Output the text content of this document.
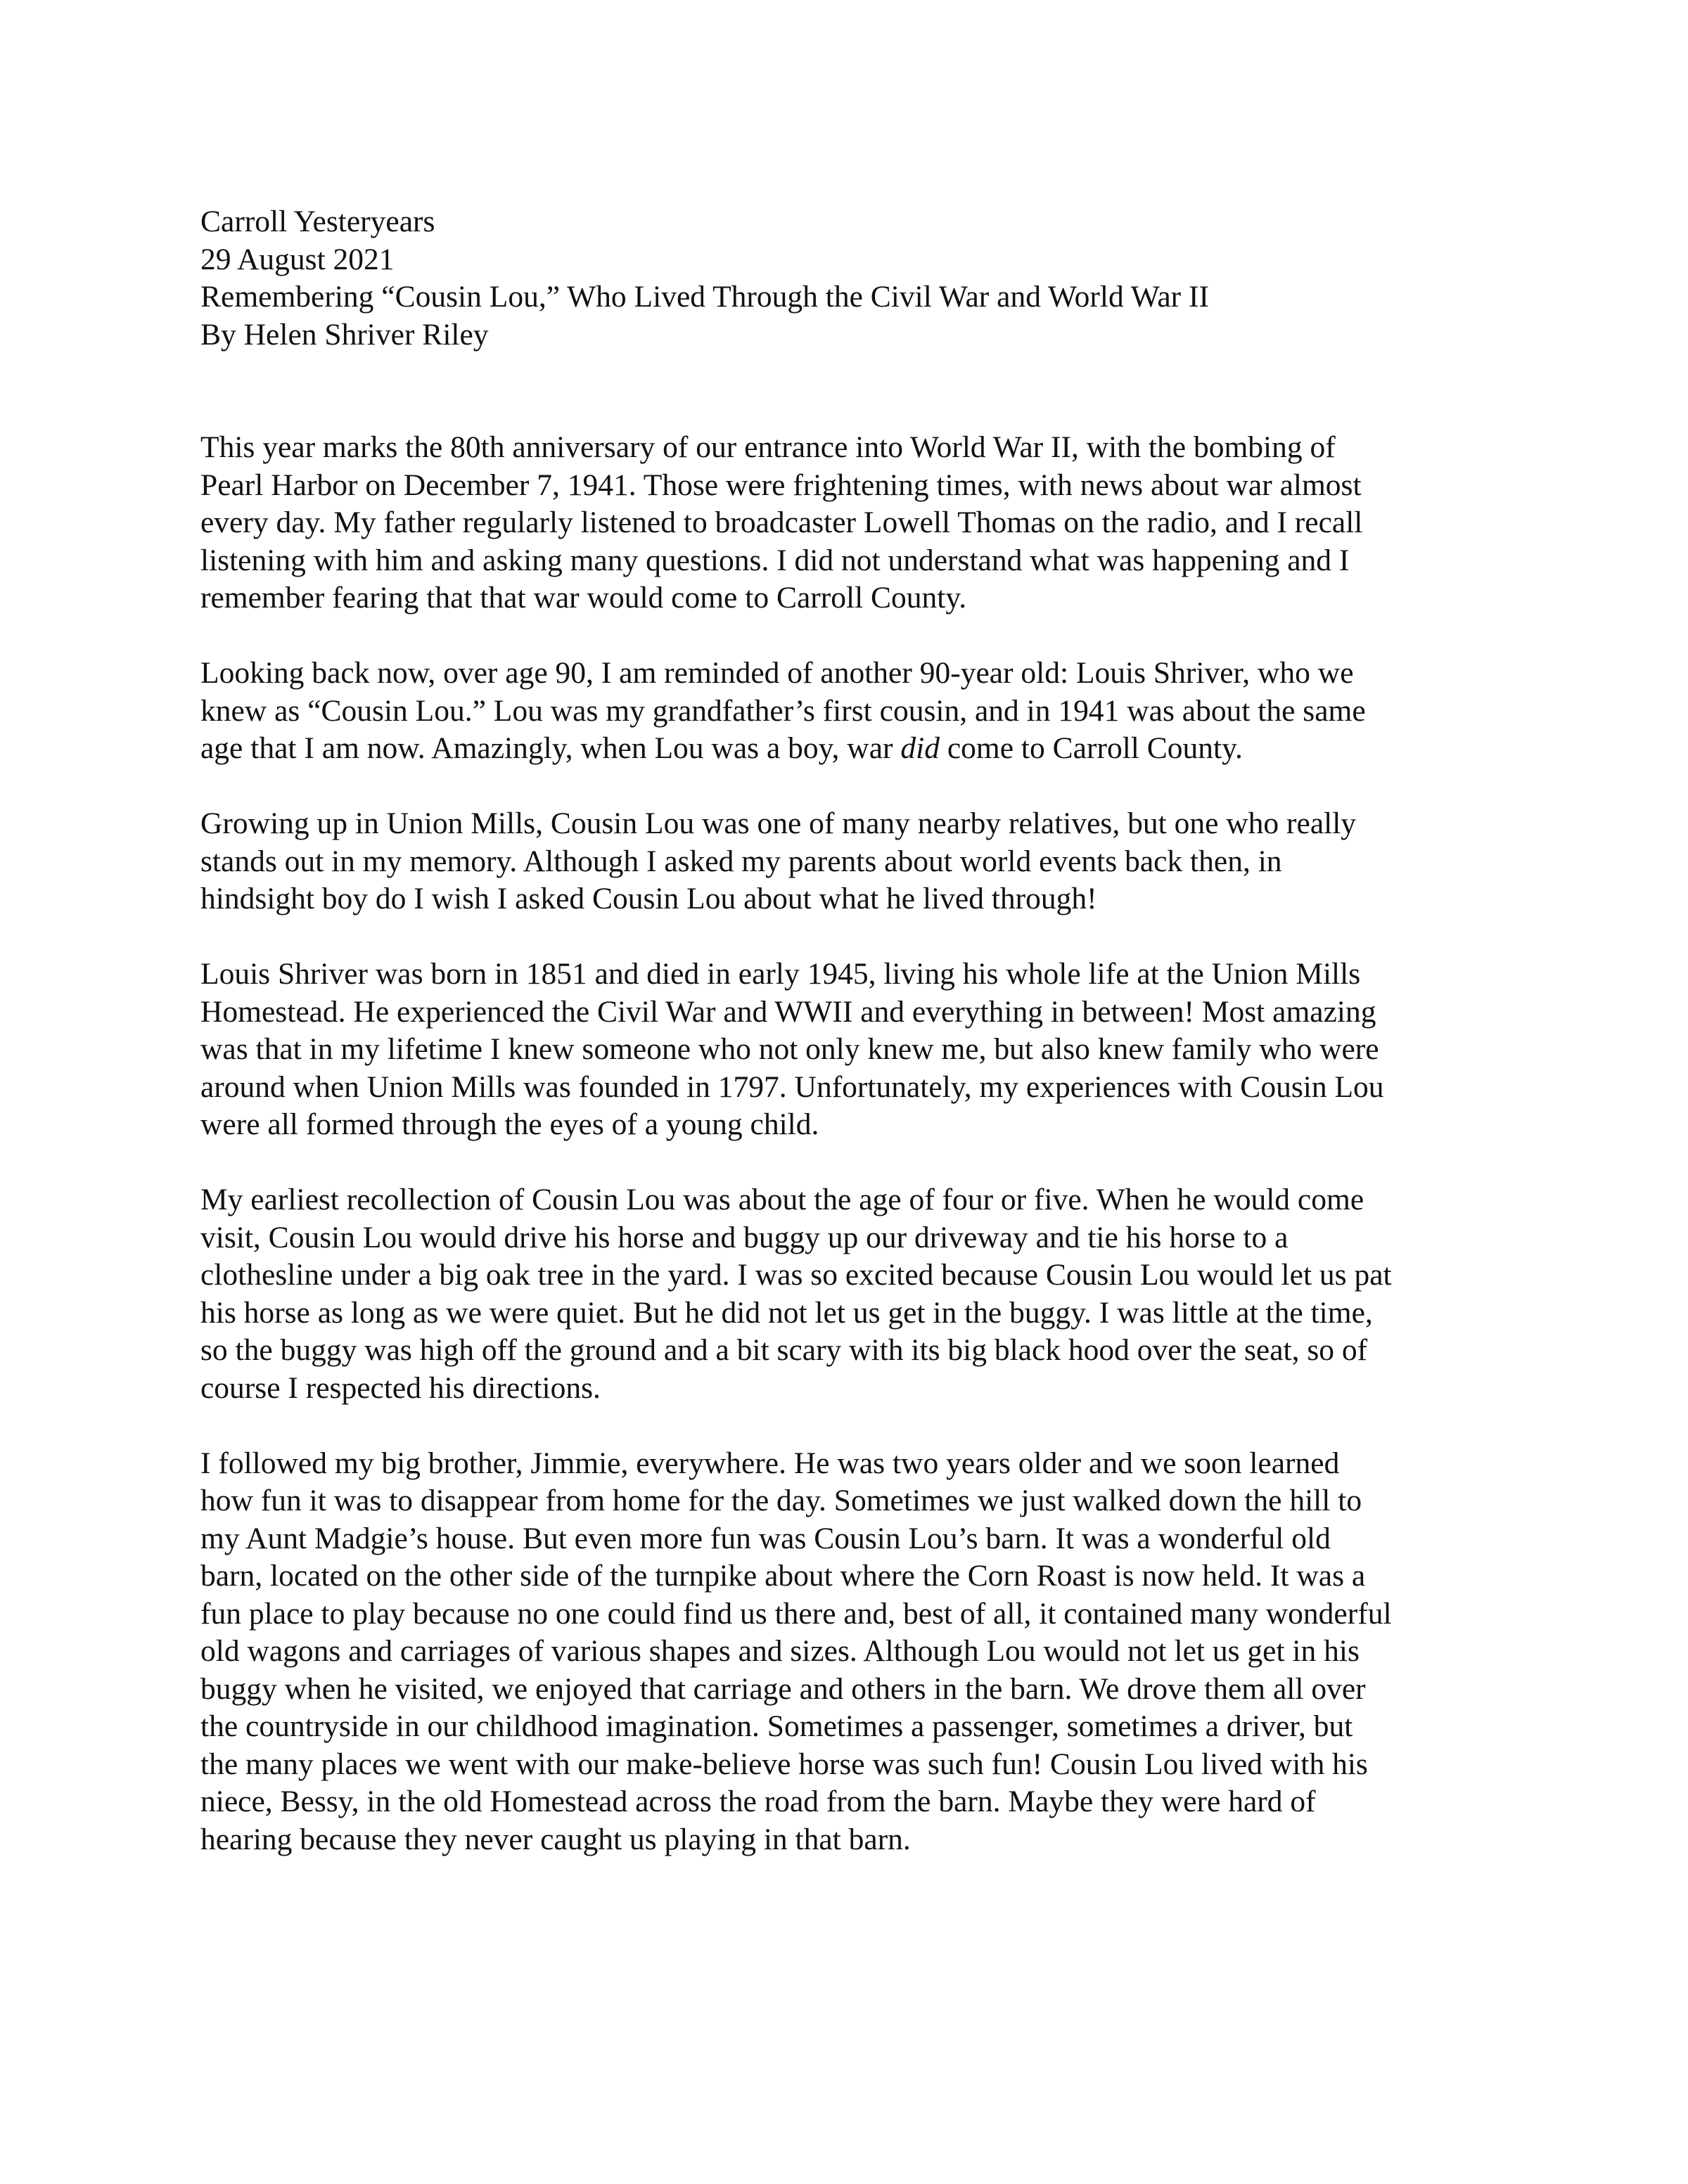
Carroll Yesteryears

29 August 2021

Remembering “Cousin Lou,” Who Lived Through the Civil War and World War II

By Helen Shriver Riley

This year marks the 80th anniversary of our entrance into World War II, with the bombing of
Pearl Harbor on December 7, 1941. Those were frightening times, with news about war almost
every day. My father regularly listened to broadcaster Lowell Thomas on the radio, and I recall
listening with him and asking many questions. I did not understand what was happening and I
remember fearing that that war would come to Carroll County.

Looking back now, over age 90, I am reminded of another 90-year old: Louis Shriver, who we
knew as “Cousin Lou.” Lou was my grandfather’s first cousin, and in 1941 was about the same
age that I am now. Amazingly, when Lou was a boy, war did come to Carroll County.

Growing up in Union Mills, Cousin Lou was one of many nearby relatives, but one who really
stands out in my memory. Although I asked my parents about world events back then, in
hindsight boy do I wish I asked Cousin Lou about what he lived through!

Louis Shriver was born in 1851 and died in early 1945, living his whole life at the Union Mills
Homestead. He experienced the Civil War and WWII and everything in between! Most amazing
was that in my lifetime I knew someone who not only knew me, but also knew family who were
around when Union Mills was founded in 1797. Unfortunately, my experiences with Cousin Lou
were all formed through the eyes of a young child.

My earliest recollection of Cousin Lou was about the age of four or five. When he would come
visit, Cousin Lou would drive his horse and buggy up our driveway and tie his horse to a
clothesline under a big oak tree in the yard. I was so excited because Cousin Lou would let us pat
his horse as long as we were quiet. But he did not let us get in the buggy. I was little at the time,
so the buggy was high off the ground and a bit scary with its big black hood over the seat, so of
course I respected his directions.

I followed my big brother, Jimmie, everywhere. He was two years older and we soon learned
how fun it was to disappear from home for the day. Sometimes we just walked down the hill to
my Aunt Madgie’s house. But even more fun was Cousin Lou’s barn. It was a wonderful old
barn, located on the other side of the turnpike about where the Corn Roast is now held. It was a
fun place to play because no one could find us there and, best of all, it contained many wonderful
old wagons and carriages of various shapes and sizes. Although Lou would not let us get in his
buggy when he visited, we enjoyed that carriage and others in the barn. We drove them all over
the countryside in our childhood imagination. Sometimes a passenger, sometimes a driver, but
the many places we went with our make-believe horse was such fun! Cousin Lou lived with his
niece, Bessy, in the old Homestead across the road from the barn. Maybe they were hard of
hearing because they never caught us playing in that barn.
